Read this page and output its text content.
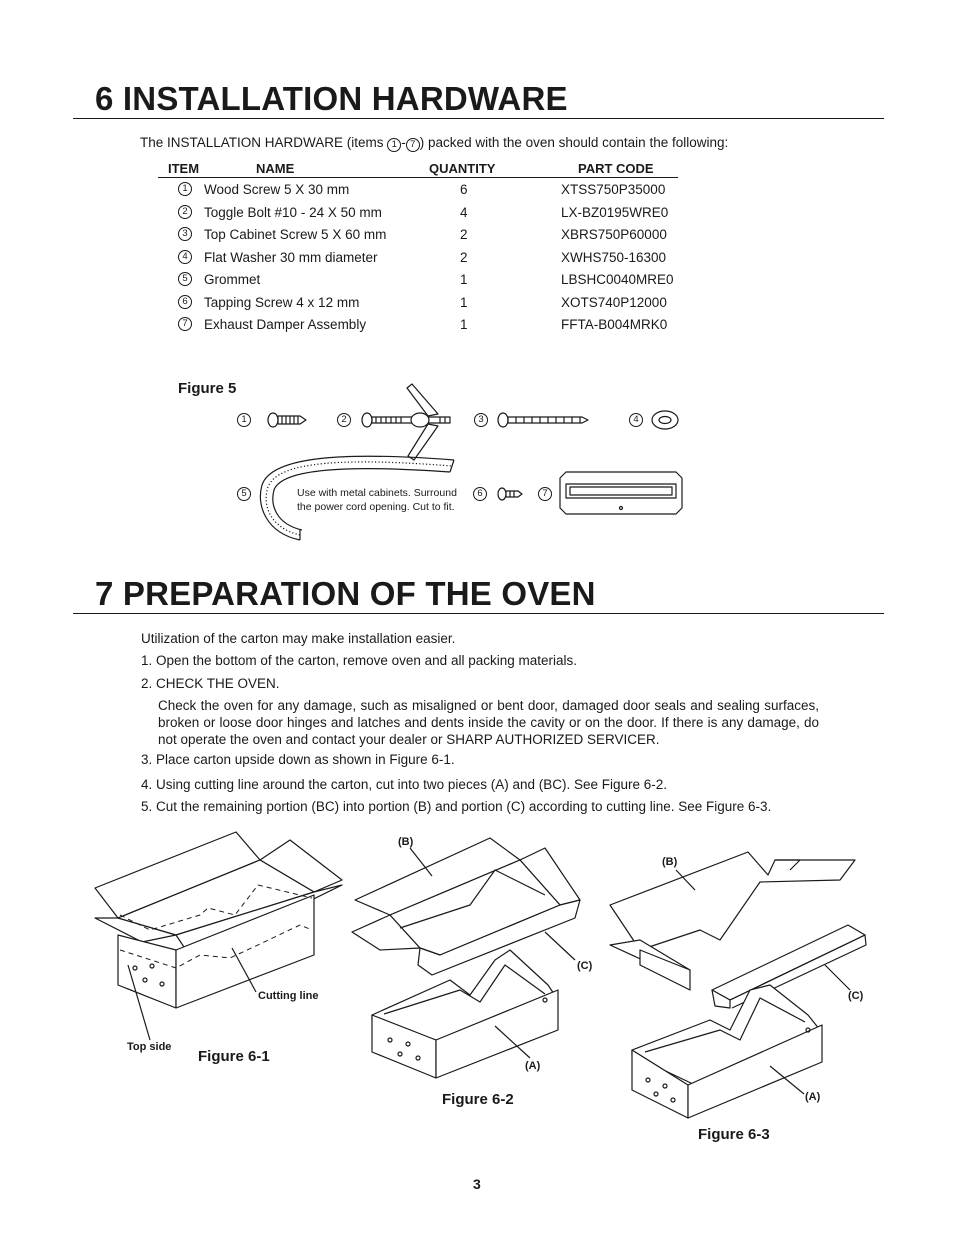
6 INSTALLATION HARDWARE
The INSTALLATION HARDWARE (items 1 - 7 ) packed with the oven should contain the following:
ITEM	NAME	QUANTITY	PART CODE
1	Wood Screw 5 X 30 mm	6	XTSS750P35000
2	Toggle Bolt #10 - 24 X 50 mm	4	LX-BZ0195WRE0
3	Top Cabinet Screw 5 X 60 mm	2	XBRS750P60000
4	Flat Washer 30 mm diameter	2	XWHS750-16300
5	Grommet	1	LBSHC0040MRE0
6	Tapping Screw 4 x 12 mm	1	XOTS740P12000
7	Exhaust Damper Assembly	1	FFTA-B004MRK0
Figure 5
1	2	3	4
5	6	7
Use with metal cabinets. Surround
the power cord opening. Cut to fit.
7 PREPARATION OF THE OVEN
Utilization of the carton may make installation easier.
1. Open the bottom of the carton, remove oven and all packing materials.
2. CHECK THE OVEN.
Check the oven for any damage, such as misaligned or bent door, damaged door seals and sealing surfaces, broken or loose door hinges and latches and dents inside the cavity or on the door. If there is any damage, do not operate the oven and contact your dealer or SHARP AUTHORIZED SERVICER.
3. Place carton upside down as shown in Figure 6-1.
4. Using cutting line around the carton, cut into two pieces (A) and (BC). See Figure 6-2.
5. Cut the remaining portion (BC) into portion (B) and portion (C) according to cutting line. See Figure 6-3.
Cutting line
Top side
Figure 6-1
(B)
(C)
(A)
Figure 6-2
(B)
(C)
(A)
Figure 6-3
3
